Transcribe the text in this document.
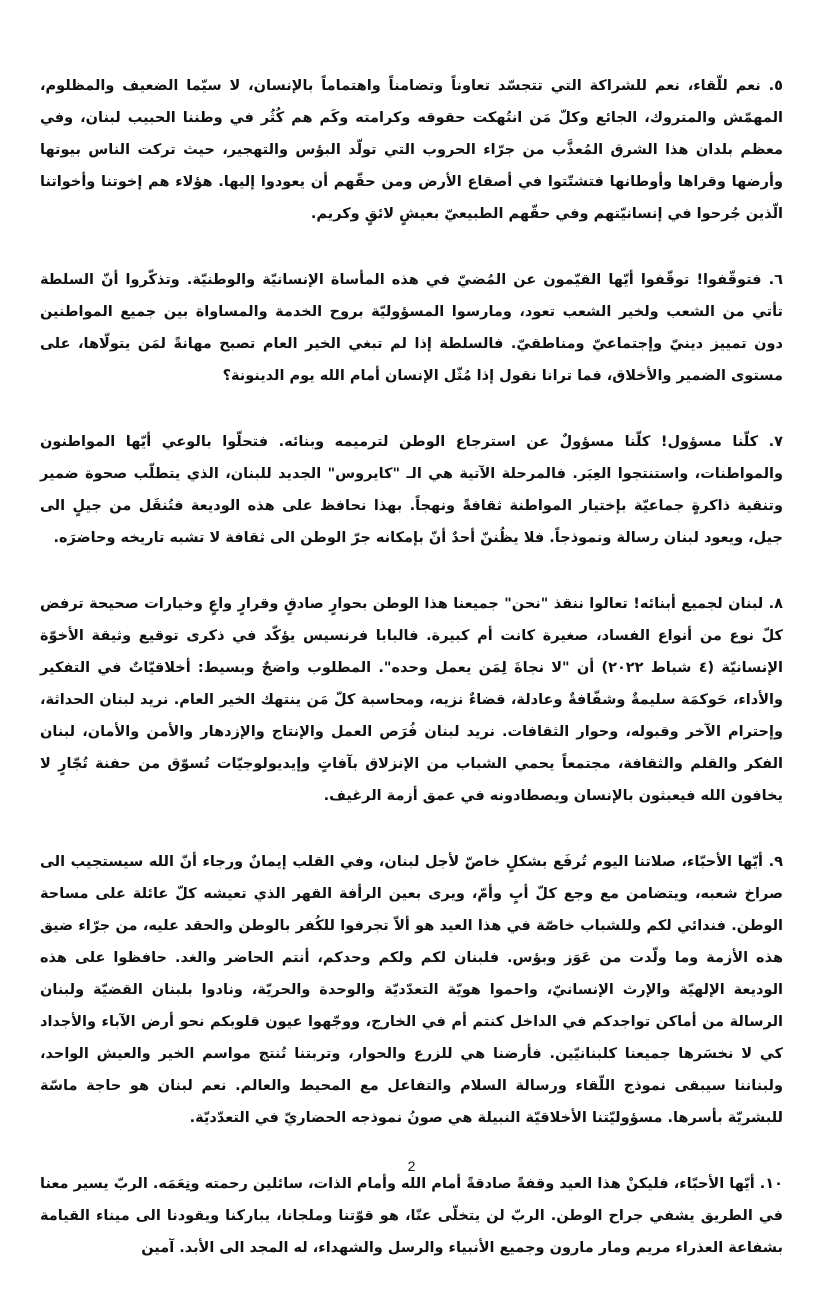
٥. نعم للّقاء، نعم للشراكة التي تتجسّد تعاوناً وتضامناً واهتماماً بالإنسان، لا سيّما الضعيف والمظلوم، المهمّش والمتروك، الجائع وكلّ مَن انتُهكت حقوقه وكرامته وكَم هم كُثُر في وطننا الحبيب لبنان، وفي معظم بلدان هذا الشرق المُعذَّب من جرّاء الحروب التي تولّد البؤس والتهجير، حيث تركت الناس بيوتها وأرضها وقراها وأوطانها فتشتّتوا في أصقاع الأرض ومن حقّهم أن يعودوا إليها. هؤلاء هم إخوتنا وأخواتنا الّذين جُرحوا في إنسانيّتهم وفي حقّهم الطبيعيّ بعيشٍ لائقٍ وكريم.

٦. فتوقّفوا! توقّفوا أيّها القيّمون عن المُضيّ في هذه المأساة الإنسانيّة والوطنيّة. وتذكّروا أنّ السلطة تأتي من الشعب ولخير الشعب تعود، ومارسوا المسؤوليّة بروح الخدمة والمساواة بين جميع المواطنين دون تمييز دينيّ وإجتماعيّ ومناطقيّ. فالسلطة إذا لم تبغي الخير العام تصبح مهانةً لمَن يتولّاها، على مستوى الضمير والأخلاق، فما ترانا نقول إذا مُثّل الإنسان أمام الله يوم الدينونة؟

٧. كلّنا مسؤول! كلّنا مسؤولٌ عن استرجاع الوطن لترميمه وبنائه. فتحلّوا بالوعي أيّها المواطنون والمواطنات، واستنتجوا العِبَر. فالمرحلة الآتية هي الـ "كايروس" الجديد للبنان، الذي يتطلّب صحوة ضمير وتنقية ذاكرةٍ جماعيّة بإختيار المواطنة ثقافةً ونهجاً. بهذا نحافظ على هذه الوديعة فتُنقَل من جيلٍ الى جيل، ويعود لبنان رسالة ونموذجاً. فلا يظُننّ أحدٌ أنّ بإمكانه جرّ الوطن الى ثقافة لا تشبه تاريخه وحاضرَه.

٨. لبنان لجميع أبنائه! تعالوا ننقذ "نحن" جميعنا هذا الوطن بحوارٍ صادقٍ وقرارٍ واعٍ وخيارات صحيحة ترفض كلّ نوع من أنواع الفساد، صغيرة كانت أم كبيرة. فالبابا فرنسيس يؤكّد في ذكرى توقيع وثيقة الأخوّة الإنسانيّة (٤ شباط ٢٠٢٢) أن "لا نجاةَ لِمَن يعمل وحده". المطلوب واضحٌ وبسيط: أخلاقيّاتٌ في التفكير والأداء، حَوكمَة سليمةٌ وشفّافةٌ وعادلة، قضاءٌ نزيه، ومحاسبة كلّ مَن ينتهك الخير العام. نريد لبنان الحداثة، وإحترام الآخر وقبوله، وحوار الثقافات. نريد لبنان فُرَص العمل والإنتاج والإزدهار والأمن والأمان، لبنان الفكر والقلم والثقافة، مجتمعاً يحمي الشباب من الإنزلاق بآفاتٍ وإيديولوجيّات تُسوّق من حفنة تُجّارٍ لا يخافون الله فيعبثون بالإنسان ويصطادونه في عمق أزمة الرغيف.

٩. أيّها الأحبّاء، صلاتنا اليوم تُرفَع بشكلٍ خاصّ لأجل لبنان، وفي القلب إيمانٌ ورجاء أنّ الله سيستجيب الى صراخ شعبه، ويتضامن مع وجع كلّ أبٍ وأمّ، ويرى بعين الرأفة القهر الذي تعيشه كلّ عائلة على مساحة الوطن. فندائي لكم وللشباب خاصّة في هذا العيد هو ألاّ تجرفوا للكُفر بالوطن والحقد عليه، من جرّاء ضيق هذه الأزمة وما ولّدت من عَوَز وبؤس. فلبنان لكم ولكم وحدكم، أنتم الحاضر والغد. حافظوا على هذه الوديعة الإلهيّة والإرث الإنسانيّ، واحموا هويّة التعدّديّة والوحدة والحريّة، ونادوا بلبنان القضيّة ولبنان الرسالة من أماكن تواجدكم في الداخل كنتم أم في الخارج، ووجّهوا عيون قلوبكم نحو أرض الآباء والأجداد كي لا نخسَرها جميعنا كلبنانيّين. فأرضنا هي للزرع والحوار، وتربتنا تُنتج مواسم الخير والعيش الواحد، ولبناننا سيبقى نموذج اللّقاء ورسالة السلام والتفاعل مع المحيط والعالم. نعم لبنان هو حاجة ماسّة للبشريّة بأسرها. مسؤوليّتنا الأخلاقيّة النبيلة هي صونُ نموذجه الحضاريّ في التعدّديّة.

١٠. أيّها الأحبّاء، فليكنْ هذا العيد وقفةً صادقةً أمام الله وأمام الذات، سائلين رحمته ونِعَمَه. الربّ يسير معنا في الطريق يشفي جراح الوطن. الربّ لن يتخلّى عنّا، هو قوّتنا وملجانا، يباركنا ويقودنا الى ميناء القيامة بشفاعة العذراء مريم ومار مارون وجميع الأنبياء والرسل والشهداء، له المجد الى الأبد. آمين

2
